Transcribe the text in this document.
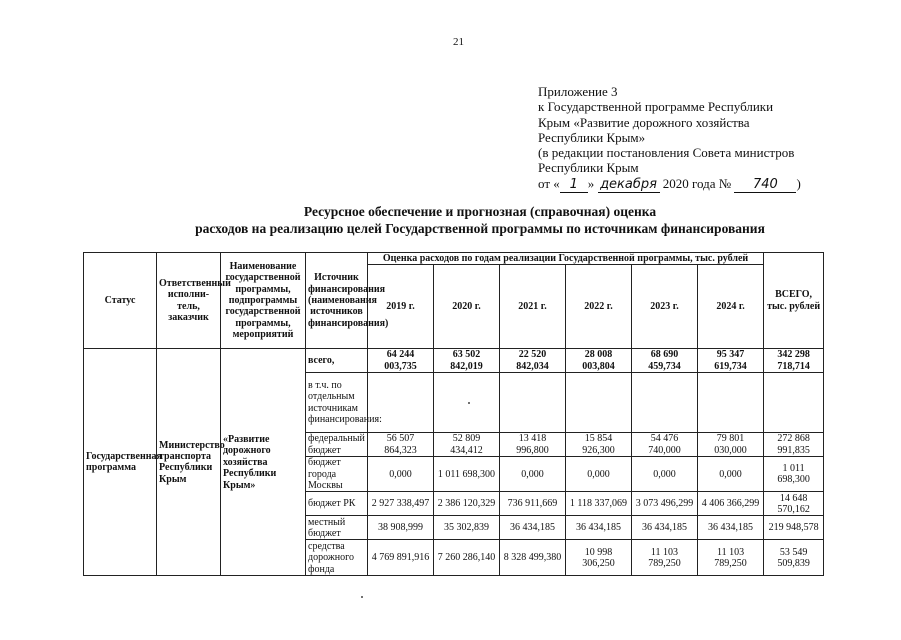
21
Приложение 3
к Государственной программе Республики
Крым «Развитие дорожного хозяйства
Республики Крым»
(в редакции постановления Совета министров
Республики Крым
от « 1 » декабря 2020 года № 740 )
Ресурсное обеспечение и прогнозная (справочная) оценка
расходов на реализацию целей Государственной программы по источникам финансирования
Статус	Ответственный исполни-тель, заказчик	Наименование государственной программы, подпрограммы государственной программы, мероприятий	Источник финансирования (наименования источников финансирования)	Оценка расходов по годам реализации Государственной программы, тыс. рублей						ВСЕГО, тыс. рублей
				2019 г.	2020 г.	2021 г.	2022 г.	2023 г.	2024 г.	
Государственная программа	Министерство транспорта Республики Крым	«Развитие дорожного хозяйства Республики Крым»	всего,	64 244 003,735	63 502 842,019	22 520 842,034	28 008 003,804	68 690 459,734	95 347 619,734	342 298 718,714
			в т.ч. по отдельным источникам финансирования:							
			федеральный бюджет	56 507 864,323	52 809 434,412	13 418 996,800	15 854 926,300	54 476 740,000	79 801 030,000	272 868 991,835
			бюджет города Москвы	0,000	1 011 698,300	0,000	0,000	0,000	0,000	1 011 698,300
			бюджет РК	2 927 338,497	2 386 120,329	736 911,669	1 118 337,069	3 073 496,299	4 406 366,299	14 648 570,162
			местный бюджет	38 908,999	35 302,839	36 434,185	36 434,185	36 434,185	36 434,185	219 948,578
			средства дорожного фонда	4 769 891,916	7 260 286,140	8 328 499,380	10 998 306,250	11 103 789,250	11 103 789,250	53 549 509,839
